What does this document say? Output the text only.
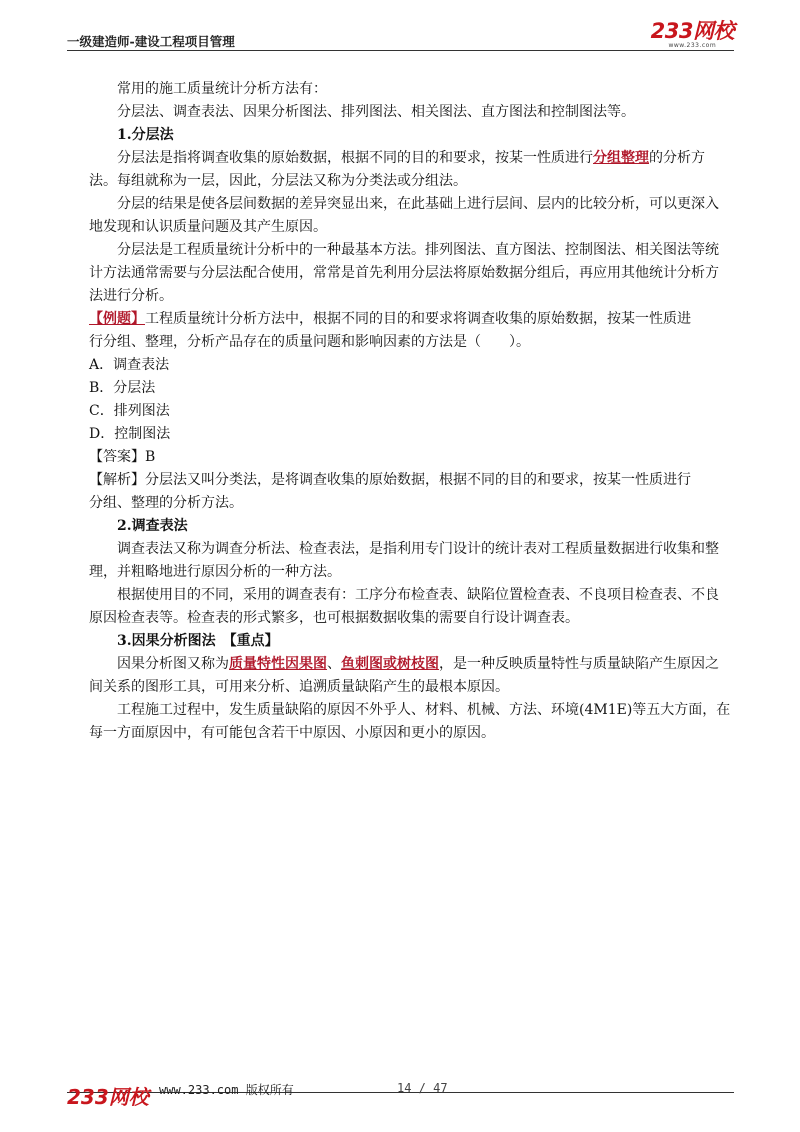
一级建造师-建设工程项目管理	233网校
www.233.com

常用的施工质量统计分析方法有：

分层法、调查表法、因果分析图法、排列图法、相关图法、直方图法和控制图法等。

1.分层法

分层法是指将调查收集的原始数据，根据不同的目的和要求，按某一性质进行分组整理的分析方

法。每组就称为一层，因此，分层法又称为分类法或分组法。

分层的结果是使各层间数据的差异突显出来，在此基础上进行层间、层内的比较分析，可以更深入

地发现和认识质量问题及其产生原因。

分层法是工程质量统计分析中的一种最基本方法。排列图法、直方图法、控制图法、相关图法等统

计方法通常需要与分层法配合使用，常常是首先利用分层法将原始数据分组后，再应用其他统计分析方

法进行分析。

【例题】工程质量统计分析方法中，根据不同的目的和要求将调查收集的原始数据，按某一性质进

行分组、整理，分析产品存在的质量问题和影响因素的方法是（　　）。

A．调查表法

B．分层法

C．排列图法

D．控制图法

【答案】B

【解析】分层法又叫分类法，是将调查收集的原始数据，根据不同的目的和要求，按某一性质进行

分组、整理的分析方法。

2.调查表法

调查表法又称为调查分析法、检查表法，是指利用专门设计的统计表对工程质量数据进行收集和整

理，并粗略地进行原因分析的一种方法。

根据使用目的不同，采用的调查表有：工序分布检查表、缺陷位置检查表、不良项目检查表、不良

原因检查表等。检查表的形式繁多，也可根据数据收集的需要自行设计调查表。

3.因果分析图法　【重点】

因果分析图又称为质量特性因果图、鱼刺图或树枝图，是一种反映质量特性与质量缺陷产生原因之

间关系的图形工具，可用来分析、追溯质量缺陷产生的最根本原因。

工程施工过程中，发生质量缺陷的原因不外乎人、材料、机械、方法、环境(4M1E)等五大方面，在

每一方面原因中，有可能包含若干中原因、小原因和更小的原因。

233网校 www.233.com 版权所有	14 / 47
